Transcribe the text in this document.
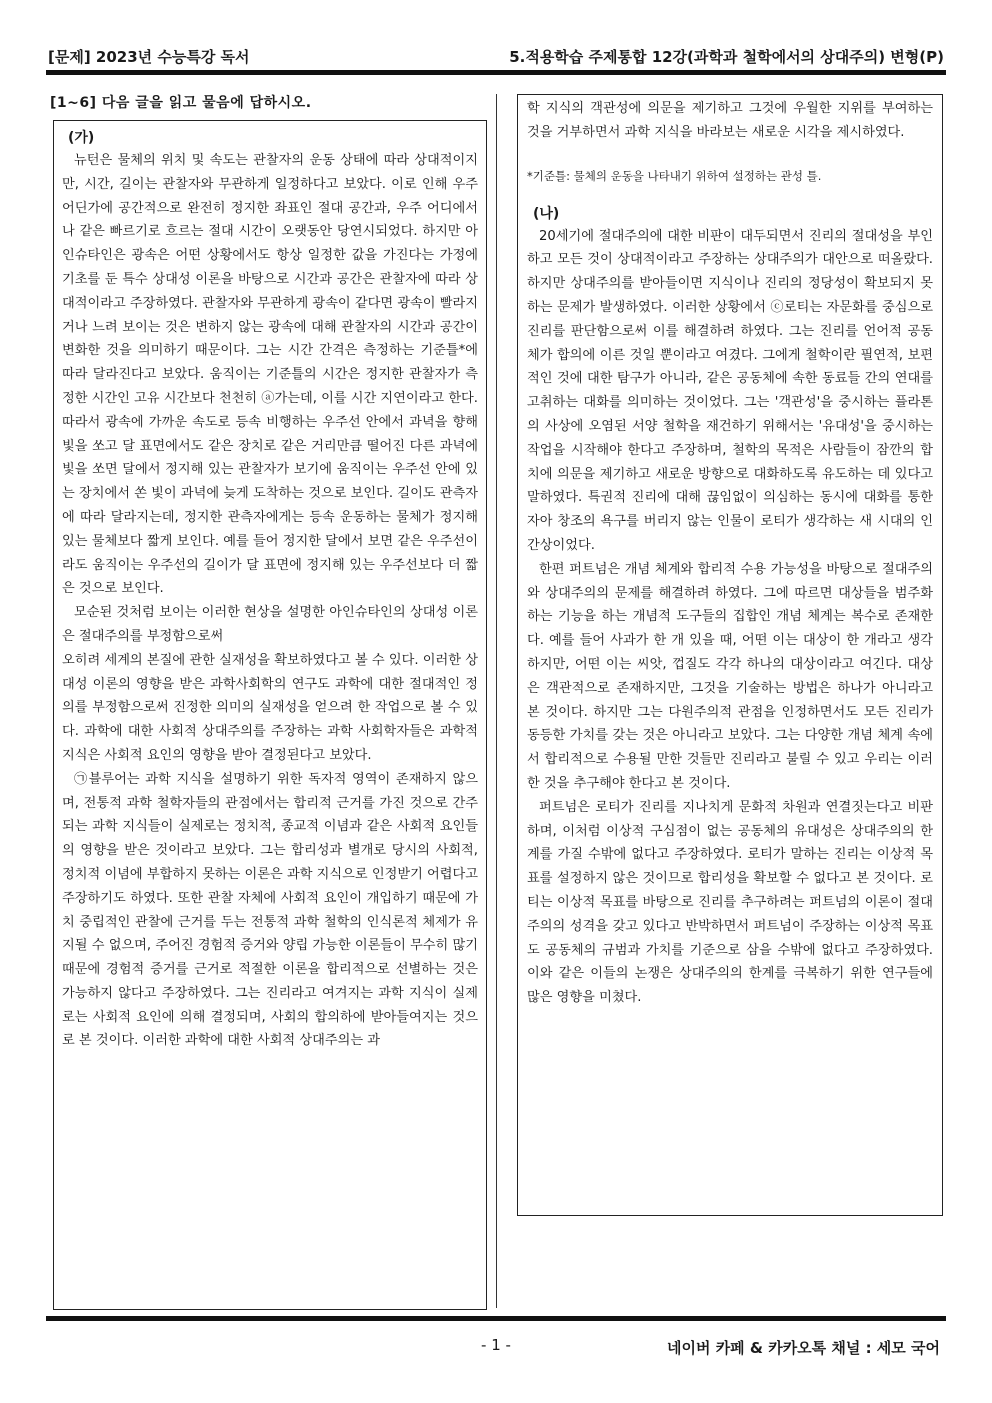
[문제] 2023년 수능특강 독서	5.적용학습 주제통합 12강(과학과 철학에서의 상대주의) 변형(P)
[1~6] 다음 글을 읽고 물음에 답하시오.
(가)

뉴턴은 물체의 위치 및 속도는 관찰자의 운동 상태에 따라 상대적이지만, 시간, 길이는 관찰자와 무관하게 일정하다고 보았다. 이로 인해 우주 어딘가에 공간적으로 완전히 정지한 좌표인 절대 공간과, 우주 어디에서나 같은 빠르기로 흐르는 절대 시간이 오랫동안 당연시되었다. 하지만 아인슈타인은 광속은 어떤 상황에서도 항상 일정한 값을 가진다는 가정에 기초를 둔 특수 상대성 이론을 바탕으로 시간과 공간은 관찰자에 따라 상대적이라고 주장하였다. 관찰자와 무관하게 광속이 같다면 광속이 빨라지거나 느려 보이는 것은 변하지 않는 광속에 대해 관찰자의 시간과 공간이 변화한 것을 의미하기 때문이다. 그는 시간 간격은 측정하는 기준틀*에 따라 달라진다고 보았다. 움직이는 기준틀의 시간은 정지한 관찰자가 측정한 시간인 고유 시간보다 천천히 ⓐ가는데, 이를 시간 지연이라고 한다. 따라서 광속에 가까운 속도로 등속 비행하는 우주선 안에서 과녁을 향해 빛을 쏘고 달 표면에서도 같은 장치로 같은 거리만큼 떨어진 다른 과녁에 빛을 쏘면 달에서 정지해 있는 관찰자가 보기에 움직이는 우주선 안에 있는 장치에서 쏜 빛이 과녁에 늦게 도착하는 것으로 보인다. 길이도 관측자에 따라 달라지는데, 정지한 관측자에게는 등속 운동하는 물체가 정지해 있는 물체보다 짧게 보인다. 예를 들어 정지한 달에서 보면 같은 우주선이라도 움직이는 우주선의 길이가 달 표면에 정지해 있는 우주선보다 더 짧은 것으로 보인다.

모순된 것처럼 보이는 이러한 현상을 설명한 아인슈타인의 상대성 이론은 절대주의를 부정함으로써

오히려 세계의 본질에 관한 실재성을 확보하였다고 볼 수 있다. 이러한 상대성 이론의 영향을 받은 과학사회학의 연구도 과학에 대한 절대적인 정의를 부정함으로써 진정한 의미의 실재성을 얻으려 한 작업으로 볼 수 있다. 과학에 대한 사회적 상대주의를 주장하는 과학 사회학자들은 과학적 지식은 사회적 요인의 영향을 받아 결정된다고 보았다.

㉠블루어는 과학 지식을 설명하기 위한 독자적 영역이 존재하지 않으며, 전통적 과학 철학자들의 관점에서는 합리적 근거를 가진 것으로 간주되는 과학 지식들이 실제로는 정치적, 종교적 이념과 같은 사회적 요인들의 영향을 받은 것이라고 보았다. 그는 합리성과 별개로 당시의 사회적, 정치적 이념에 부합하지 못하는 이론은 과학 지식으로 인정받기 어렵다고 주장하기도 하였다. 또한 관찰 자체에 사회적 요인이 개입하기 때문에 가치 중립적인 관찰에 근거를 두는 전통적 과학 철학의 인식론적 체제가 유지될 수 없으며, 주어진 경험적 증거와 양립 가능한 이론들이 무수히 많기 때문에 경험적 증거를 근거로 적절한 이론을 합리적으로 선별하는 것은 가능하지 않다고 주장하였다. 그는 진리라고 여겨지는 과학 지식이 실제로는 사회적 요인에 의해 결정되며, 사회의 합의하에 받아들여지는 것으로 본 것이다. 이러한 과학에 대한 사회적 상대주의는 과

학 지식의 객관성에 의문을 제기하고 그것에 우월한 지위를 부여하는 것을 거부하면서 과학 지식을 바라보는 새로운 시각을 제시하였다.

*기준틀: 물체의 운동을 나타내기 위하여 설정하는 관성 틀.

(나)

20세기에 절대주의에 대한 비판이 대두되면서 진리의 절대성을 부인하고 모든 것이 상대적이라고 주장하는 상대주의가 대안으로 떠올랐다. 하지만 상대주의를 받아들이면 지식이나 진리의 정당성이 확보되지 못하는 문제가 발생하였다. 이러한 상황에서 ⓒ로티는 자문화를 중심으로 진리를 판단함으로써 이를 해결하려 하였다. 그는 진리를 언어적 공동체가 합의에 이른 것일 뿐이라고 여겼다. 그에게 철학이란 필연적, 보편적인 것에 대한 탐구가 아니라, 같은 공동체에 속한 동료들 간의 연대를 고취하는 대화를 의미하는 것이었다. 그는 '객관성'을 중시하는 플라톤의 사상에 오염된 서양 철학을 재건하기 위해서는 '유대성'을 중시하는 작업을 시작해야 한다고 주장하며, 철학의 목적은 사람들이 잠깐의 합치에 의문을 제기하고 새로운 방향으로 대화하도록 유도하는 데 있다고 말하였다. 특권적 진리에 대해 끊임없이 의심하는 동시에 대화를 통한 자아 창조의 욕구를 버리지 않는 인물이 로티가 생각하는 새 시대의 인간상이었다.

한편 퍼트넘은 개념 체계와 합리적 수용 가능성을 바탕으로 절대주의와 상대주의의 문제를 해결하려 하였다. 그에 따르면 대상들을 범주화하는 기능을 하는 개념적 도구들의 집합인 개념 체계는 복수로 존재한다. 예를 들어 사과가 한 개 있을 때, 어떤 이는 대상이 한 개라고 생각하지만, 어떤 이는 씨앗, 껍질도 각각 하나의 대상이라고 여긴다. 대상은 객관적으로 존재하지만, 그것을 기술하는 방법은 하나가 아니라고 본 것이다. 하지만 그는 다원주의적 관점을 인정하면서도 모든 진리가 동등한 가치를 갖는 것은 아니라고 보았다. 그는 다양한 개념 체계 속에서 합리적으로 수용될 만한 것들만 진리라고 불릴 수 있고 우리는 이러한 것을 추구해야 한다고 본 것이다.

퍼트넘은 로티가 진리를 지나치게 문화적 차원과 연결짓는다고 비판하며, 이처럼 이상적 구심점이 없는 공동체의 유대성은 상대주의의 한계를 가질 수밖에 없다고 주장하였다. 로티가 말하는 진리는 이상적 목표를 설정하지 않은 것이므로 합리성을 확보할 수 없다고 본 것이다. 로티는 이상적 목표를 바탕으로 진리를 추구하려는 퍼트넘의 이론이 절대주의의 성격을 갖고 있다고 반박하면서 퍼트넘이 주장하는 이상적 목표도 공동체의 규범과 가치를 기준으로 삼을 수밖에 없다고 주장하였다. 이와 같은 이들의 논쟁은 상대주의의 한계를 극복하기 위한 연구들에 많은 영향을 미쳤다.

- 1 -	네이버 카페 & 카카오톡 채널 : 세모 국어
